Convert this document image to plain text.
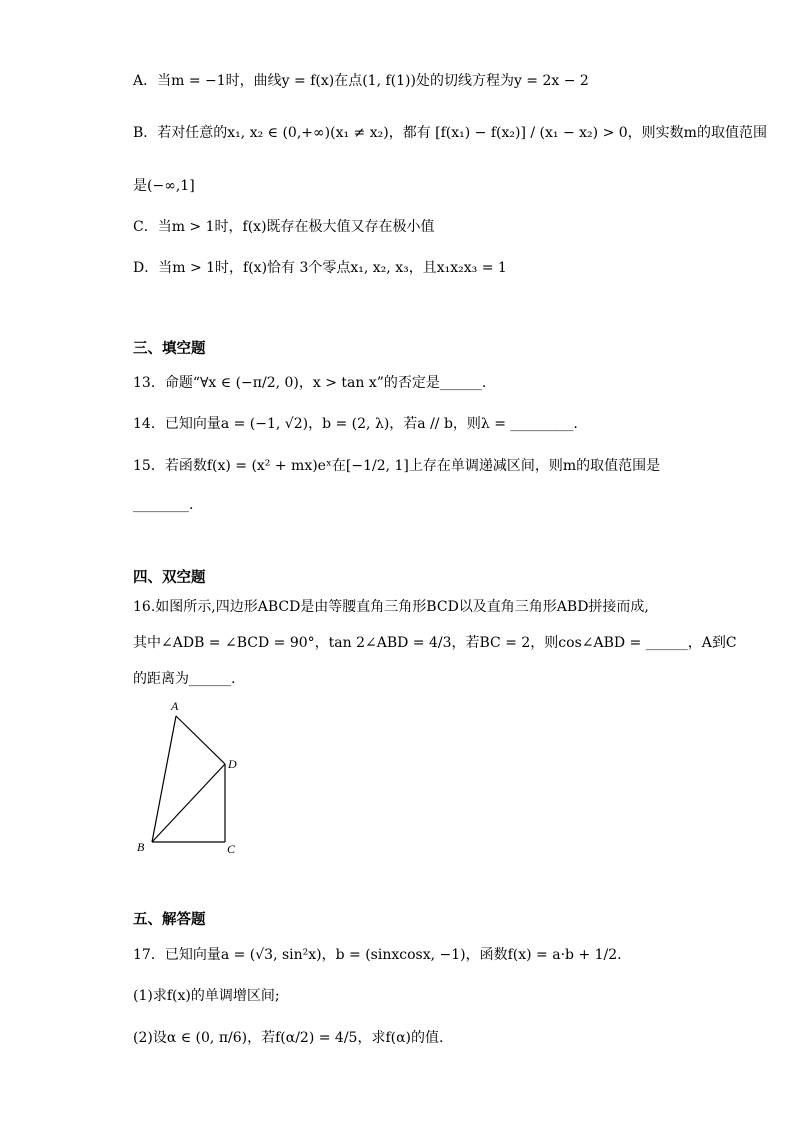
A．当m = −1时，曲线y = f(x)在点(1, f(1))处的切线方程为y = 2x − 2
B．若对任意的x₁, x₂ ∈ (0,+∞)(x₁ ≠ x₂)，都有 [f(x₁) − f(x₂)] / (x₁ − x₂) > 0，则实数m的取值范围
是(−∞,1]
C．当m > 1时，f(x)既存在极大值又存在极小值
D．当m > 1时，f(x)恰有 3个零点x₁, x₂, x₃，且x₁x₂x₃ = 1
三、填空题
13．命题“∀x ∈ (−π/2, 0)，x > tan x”的否定是______.
14．已知向量a = (−1, √2)，b = (2, λ)，若a // b，则λ = _________.
15．若函数f(x) = (x² + mx)eˣ在[−1/2, 1]上存在单调递减区间，则m的取值范围是
________.
四、双空题
16.如图所示,四边形ABCD是由等腰直角三角形BCD以及直角三角形ABD拼接而成,
其中∠ADB = ∠BCD = 90°，tan 2∠ABD = 4/3，若BC = 2，则cos∠ABD = ______，A到C
的距离为______.
A
B	C
D
五、解答题
17．已知向量a = (√3, sin²x)，b = (sinxcosx, −1)，函数f(x) = a·b + 1/2.
(1)求f(x)的单调增区间;
(2)设α ∈ (0, π/6)，若f(α/2) = 4/5，求f(α)的值.
